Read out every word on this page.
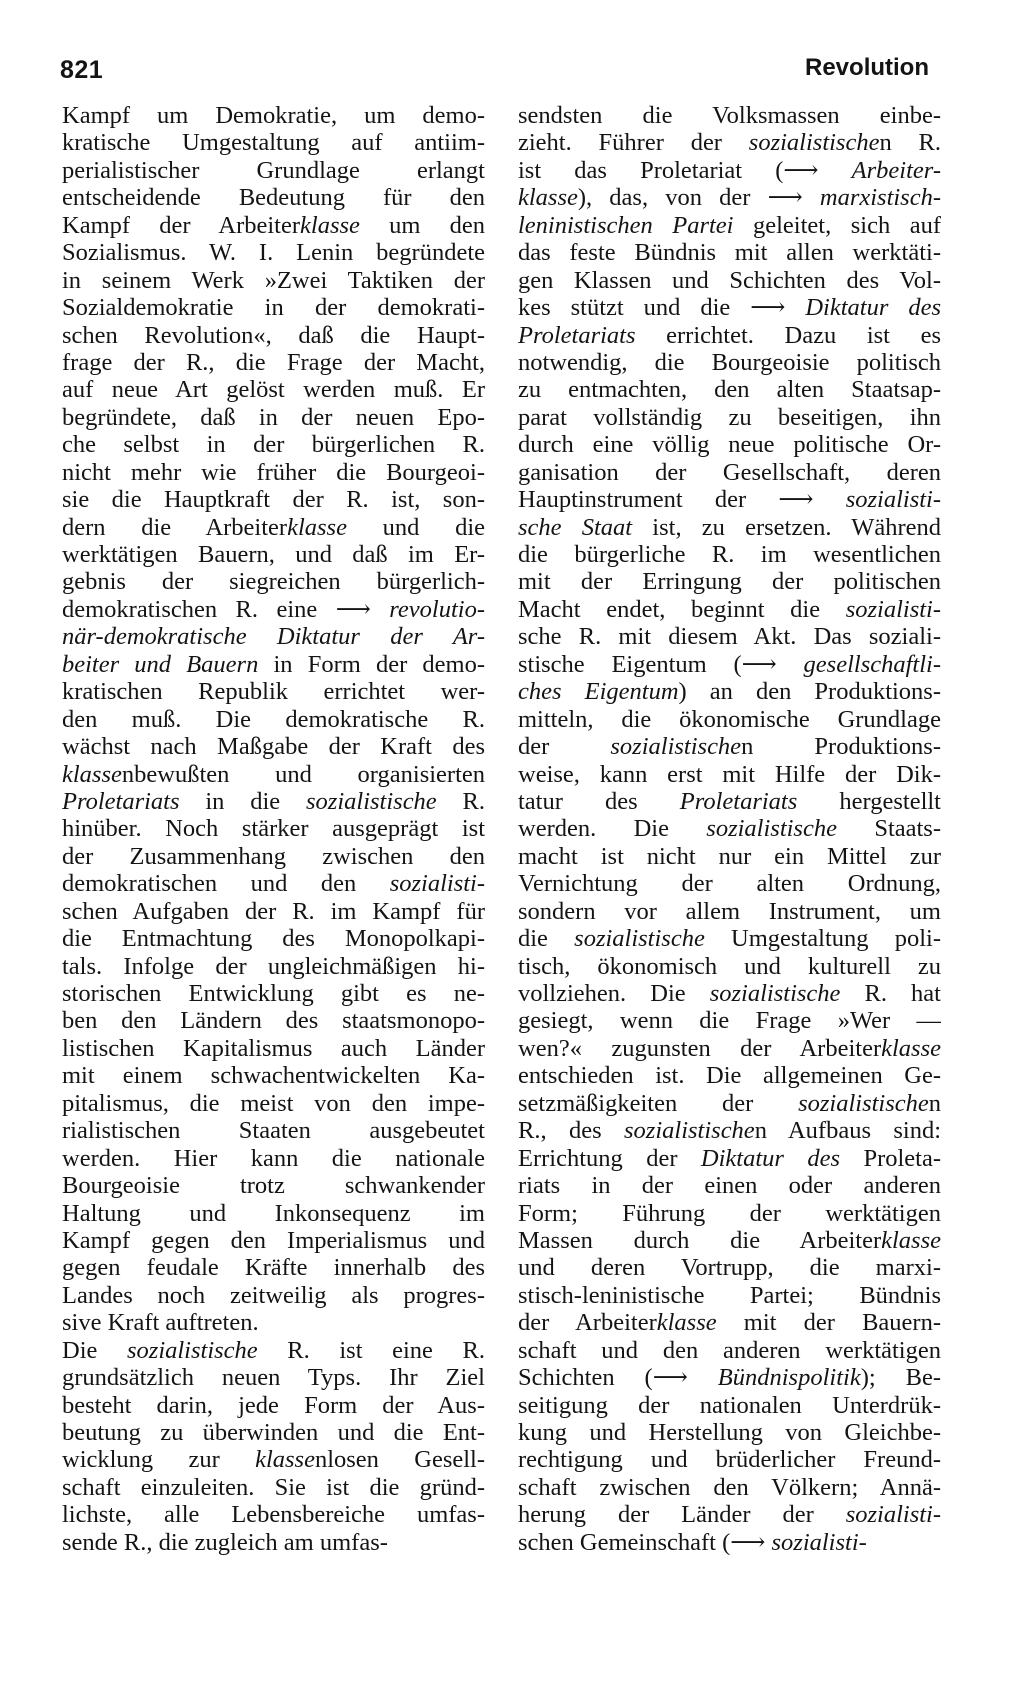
821	Revolution
Kampf um Demokratie, um demo-
kratische Umgestaltung auf antiim-
perialistischer Grundlage erlangt
entscheidende Bedeutung für den
Kampf der Arbeiterklasse um den
Sozialismus. W. I. Lenin begründete
in seinem Werk »Zwei Taktiken der
Sozialdemokratie in der demokrati-
schen Revolution«, daß die Haupt-
frage der R., die Frage der Macht,
auf neue Art gelöst werden muß. Er
begründete, daß in der neuen Epo-
che selbst in der bürgerlichen R.
nicht mehr wie früher die Bourgeoi-
sie die Hauptkraft der R. ist, son-
dern die Arbeiterklasse und die
werktätigen Bauern, und daß im Er-
gebnis der siegreichen bürgerlich-
demokratischen R. eine ⟶ revolutio-
när-demokratische Diktatur der Ar-
beiter und Bauern in Form der demo-
kratischen Republik errichtet wer-
den muß. Die demokratische R.
wächst nach Maßgabe der Kraft des
klassenbewußten und organisierten
Proletariats in die sozialistische R.
hinüber. Noch stärker ausgeprägt ist
der Zusammenhang zwischen den
demokratischen und den sozialisti-
schen Aufgaben der R. im Kampf für
die Entmachtung des Monopolkapi-
tals. Infolge der ungleichmäßigen hi-
storischen Entwicklung gibt es ne-
ben den Ländern des staatsmonopo-
listischen Kapitalismus auch Länder
mit einem schwachentwickelten Ka-
pitalismus, die meist von den impe-
rialistischen Staaten ausgebeutet
werden. Hier kann die nationale
Bourgeoisie trotz schwankender
Haltung und Inkonsequenz im
Kampf gegen den Imperialismus und
gegen feudale Kräfte innerhalb des
Landes noch zeitweilig als progres-
sive Kraft auftreten.
Die sozialistische R. ist eine R.
grundsätzlich neuen Typs. Ihr Ziel
besteht darin, jede Form der Aus-
beutung zu überwinden und die Ent-
wicklung zur klassenlosen Gesell-
schaft einzuleiten. Sie ist die gründ-
lichste, alle Lebensbereiche umfas-
sende R., die zugleich am umfas-
sendsten die Volksmassen einbe-
zieht. Führer der sozialistischen R.
ist das Proletariat (⟶ Arbeiter-
klasse), das, von der ⟶ marxistisch-
leninistischen Partei geleitet, sich auf
das feste Bündnis mit allen werktäti-
gen Klassen und Schichten des Vol-
kes stützt und die ⟶ Diktatur des
Proletariats errichtet. Dazu ist es
notwendig, die Bourgeoisie politisch
zu entmachten, den alten Staatsap-
parat vollständig zu beseitigen, ihn
durch eine völlig neue politische Or-
ganisation der Gesellschaft, deren
Hauptinstrument der ⟶ sozialisti-
sche Staat ist, zu ersetzen. Während
die bürgerliche R. im wesentlichen
mit der Erringung der politischen
Macht endet, beginnt die sozialisti-
sche R. mit diesem Akt. Das soziali-
stische Eigentum (⟶ gesellschaftli-
ches Eigentum) an den Produktions-
mitteln, die ökonomische Grundlage
der sozialistischen Produktions-
weise, kann erst mit Hilfe der Dik-
tatur des Proletariats hergestellt
werden. Die sozialistische Staats-
macht ist nicht nur ein Mittel zur
Vernichtung der alten Ordnung,
sondern vor allem Instrument, um
die sozialistische Umgestaltung poli-
tisch, ökonomisch und kulturell zu
vollziehen. Die sozialistische R. hat
gesiegt, wenn die Frage »Wer —
wen?« zugunsten der Arbeiterklasse
entschieden ist. Die allgemeinen Ge-
setzmäßigkeiten der sozialistischen
R., des sozialistischen Aufbaus sind:
Errichtung der Diktatur des Proleta-
riats in der einen oder anderen
Form; Führung der werktätigen
Massen durch die Arbeiterklasse
und deren Vortrupp, die marxi-
stisch-leninistische Partei; Bündnis
der Arbeiterklasse mit der Bauern-
schaft und den anderen werktätigen
Schichten (⟶ Bündnispolitik); Be-
seitigung der nationalen Unterdrük-
kung und Herstellung von Gleichbe-
rechtigung und brüderlicher Freund-
schaft zwischen den Völkern; Annä-
herung der Länder der sozialisti-
schen Gemeinschaft (⟶ sozialisti-
